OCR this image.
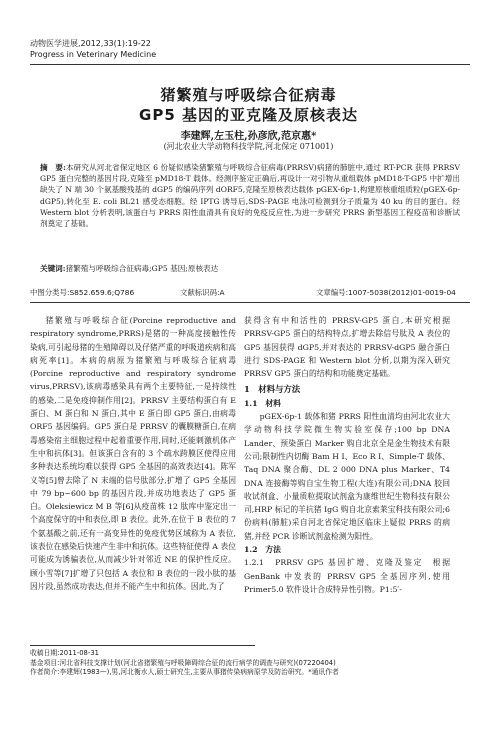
动物医学进展,2012,33(1):19-22
Progress in Veterinary Medicine
猪繁殖与呼吸综合征病毒
GP5 基因的亚克隆及原核表达
李建辉,左玉柱,孙彦欣,范京惠*
(河北农业大学动物科技学院,河北保定 071001)
摘　要:本研究从河北省保定地区 6 份疑似感染猪繁殖与呼吸综合征病毒(PRRSV)病猪的肺脏中,通过 RT-PCR 获得 PRRSV GP5 蛋白完整的基因片段,克隆至 pMD18-T 载体。经测序鉴定正确后,再设计一对引物从重组载体 pMD18-T-GP5 中扩增出缺失了 N 端 30 个氨基酸残基的 dGP5 的编码序列 dORF5,克隆至原核表达载体 pGEX-6p-1,构建原核重组质粒(pGEX-6p-dGP5),转化至 E. coli BL21 感受态细胞。经 IPTG 诱导后,SDS-PAGE 电泳可检测到分子质量为 40 ku 的目的蛋白。经 Western blot 分析表明,该蛋白与 PRRS 阳性血清具有良好的免疫反应性,为进一步研究 PRRS 新型基因工程疫苗和诊断试剂奠定了基础。
关键词:猪繁殖与呼吸综合征病毒;GP5 基因;原核表达
中图分类号:S852.659.6;Q786	文献标识码:A	文章编号:1007-5038(2012)01-0019-04

猪繁殖与呼吸综合征(Porcine reproductive and respiratory syndrome,PRRS)是猪的一种高度接触性传染病,可引起母猪的生殖障碍以及仔猪严重的呼吸道疾病和高病死率[1]。本病的病原为猪繁殖与呼吸综合征病毒(Porcine reproductive and respiratory syndrome virus,PRRSV),该病毒感染具有两个主要特征,一是持续性的感染,二是免疫抑制作用[2]。PRRSV 主要结构蛋白有 E 蛋白、M 蛋白和 N 蛋白,其中 E 蛋白即 GP5 蛋白,由病毒 ORF5 基因编码。GP5 蛋白是 PRRSV 的囊膜糖蛋白,在病毒感染宿主细胞过程中起着重要作用,同时,还能刺激机体产生中和抗体[3]。但该蛋白含有的 3 个疏水跨膜区使得应用多种表达系统均难以获得 GP5 全基因的高效表达[4]。陈军义等[5]曾去除了 N 末端的信号肽部分,扩增了 GP5 全基因中 79 bp~600 bp 的基因片段,并成功地表达了 GP5 蛋白。Oleksiewicz M B 等[6]从疫苗株 12 肽库中鉴定出一个高度保守的中和表位,即 B 表位。此外,在位于 B 表位的 7 个氨基酸之前,还有一高变异性的免疫优势区域称为 A 表位,该表位在感染后快速产生非中和抗体。这些特征使得 A 表位可能成为诱骗表位,从而减少针对邻近 NE 的保护性反应。顾小雪等[7]扩增了只包括 A 表位和 B 表位的一段小肽的基因片段,虽然成功表达,但并不能产生中和抗体。因此,为了

获得含有中和活性的 PRRSV-GP5 蛋白,本研究根据 PRRSV-GP5 蛋白的结构特点,扩增去除信号肽及 A 表位的 GP5 基因获得 dGP5,并对表达的 PRRSV-dGP5 融合蛋白进行 SDS-PAGE 和 Western blot 分析,以期为深入研究 PRRSV GP5 蛋白的结构和功能奠定基础。

1　材料与方法

1.1　材料

pGEX-6p-1 载体和猪 PRRS 阳性血清均由河北农业大学动物科技学院微生物实验室保存;100 bp DNA Lander、预染蛋白 Marker 购自北京全是金生物技术有限公司;限制性内切酶 Bam H Ⅰ、Eco R Ⅰ、Simple-T 载体、Taq DNA 聚合酶、DL 2 000 DNA plus Marker、T4 DNA 连接酶等购自宝生物工程(大连)有限公司;DNA 胶回收试剂盒、小量质粒提取试剂盒为康维世纪生物科技有限公司,HRP 标记的羊抗猪 IgG 购自北京索莱宝科技有限公司;6 份病料(肺脏)采自河北省保定地区临床上疑似 PRRS 的病猪,并经 PCR 诊断试剂盒检测为阳性。

1.2　方法

1.2.1　PRRSV GP5 基因扩增、克隆及鉴定　 根据 GenBank 中发表的 PRRSV GP5 全基因序列,使用 Primer5.0 软件设计合成特异性引物。P1:5′-

收稿日期:2011-08-31
基金项目:河北省科技支撑计划(河北省猪繁殖与呼吸障碍综合征的流行病学的调查与研究)(07220404)
作者简介:李建辉(1983—),男,河北衡水人,硕士研究生,主要从事猪传染病病原学及防治研究。*通讯作者
